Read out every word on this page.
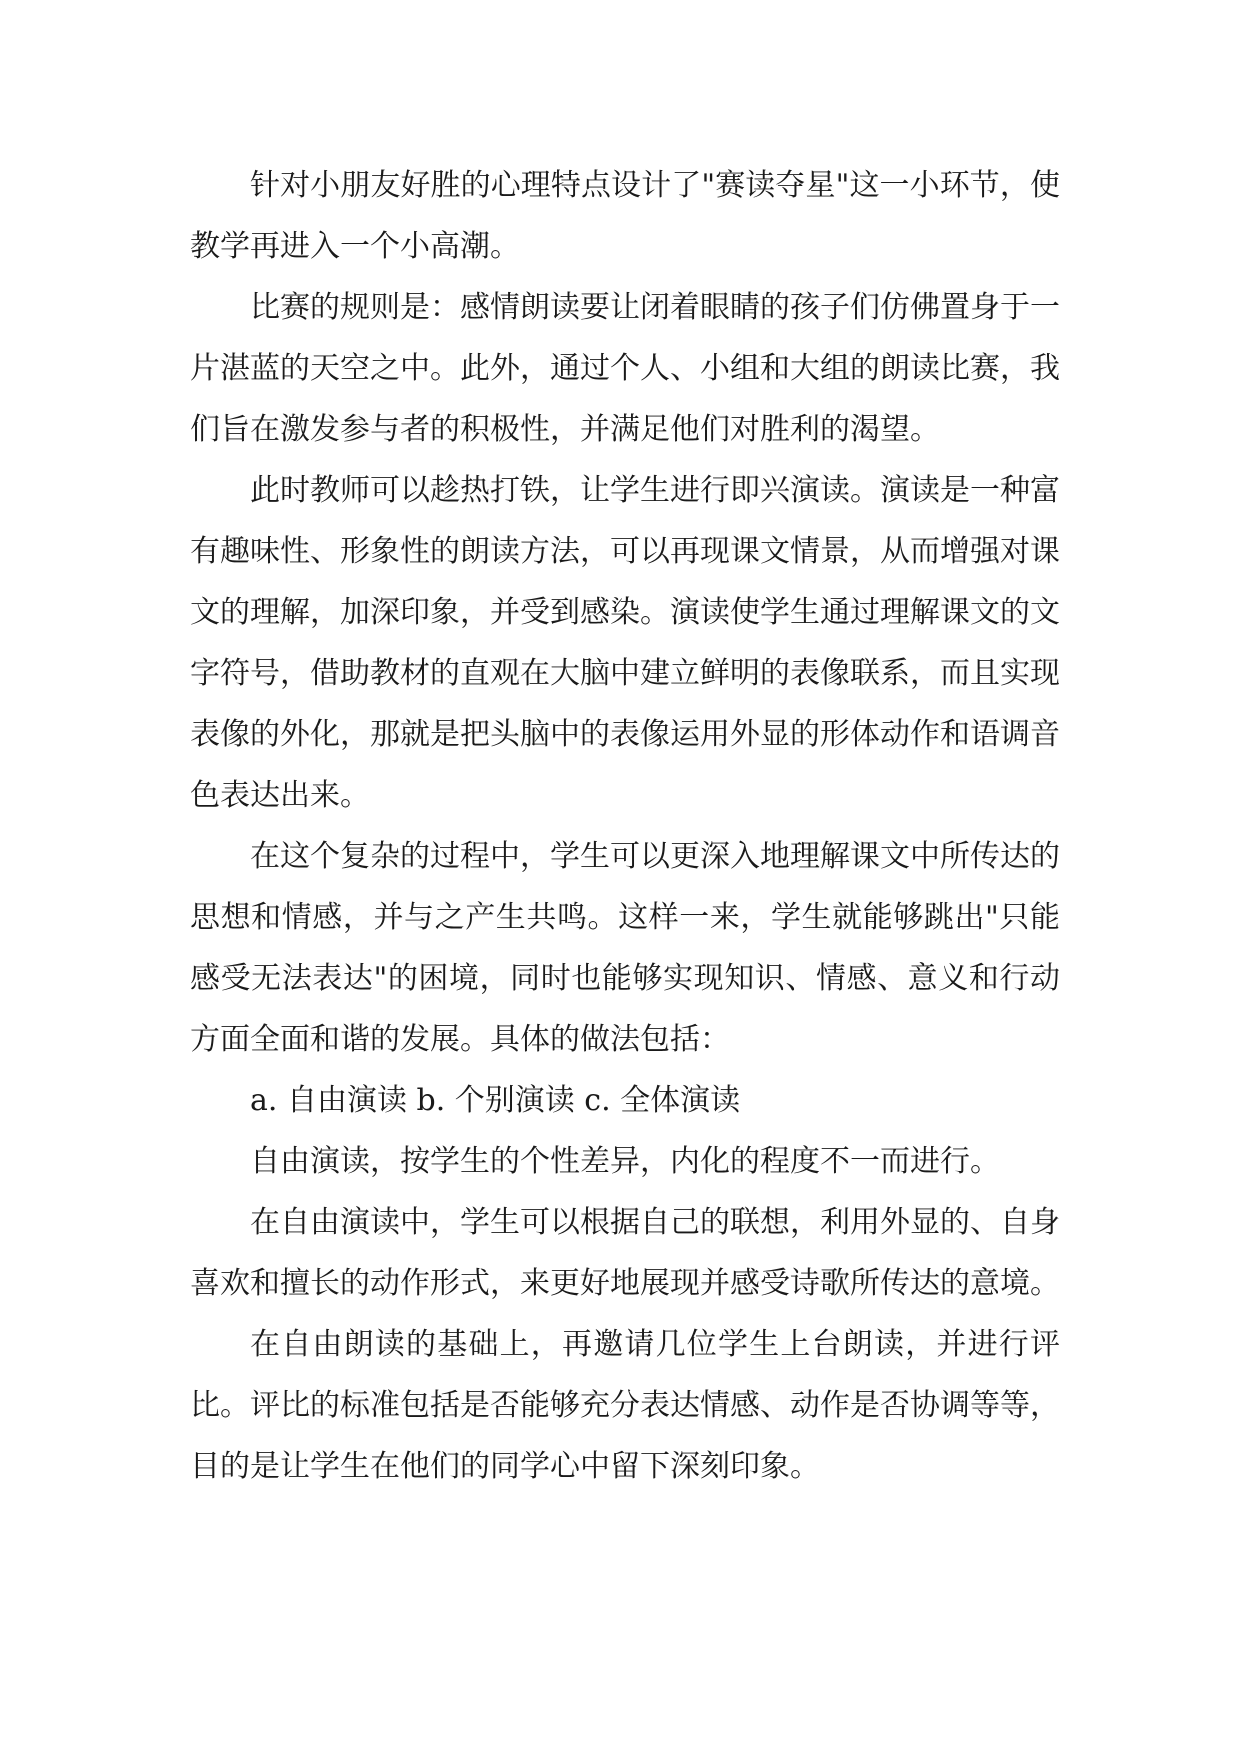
针对小朋友好胜的心理特点设计了"赛读夺星"这一小环节，使教学再进入一个小高潮。

比赛的规则是：感情朗读要让闭着眼睛的孩子们仿佛置身于一片湛蓝的天空之中。此外，通过个人、小组和大组的朗读比赛，我们旨在激发参与者的积极性，并满足他们对胜利的渴望。

此时教师可以趁热打铁，让学生进行即兴演读。演读是一种富有趣味性、形象性的朗读方法，可以再现课文情景，从而增强对课文的理解，加深印象，并受到感染。演读使学生通过理解课文的文字符号，借助教材的直观在大脑中建立鲜明的表像联系，而且实现表像的外化，那就是把头脑中的表像运用外显的形体动作和语调音色表达出来。

在这个复杂的过程中，学生可以更深入地理解课文中所传达的思想和情感，并与之产生共鸣。这样一来，学生就能够跳出"只能感受无法表达"的困境，同时也能够实现知识、情感、意义和行动方面全面和谐的发展。具体的做法包括：

a. 自由演读 b. 个别演读 c. 全体演读

自由演读，按学生的个性差异，内化的程度不一而进行。

在自由演读中，学生可以根据自己的联想，利用外显的、自身喜欢和擅长的动作形式，来更好地展现并感受诗歌所传达的意境。

在自由朗读的基础上，再邀请几位学生上台朗读，并进行评比。评比的标准包括是否能够充分表达情感、动作是否协调等等，目的是让学生在他们的同学心中留下深刻印象。
